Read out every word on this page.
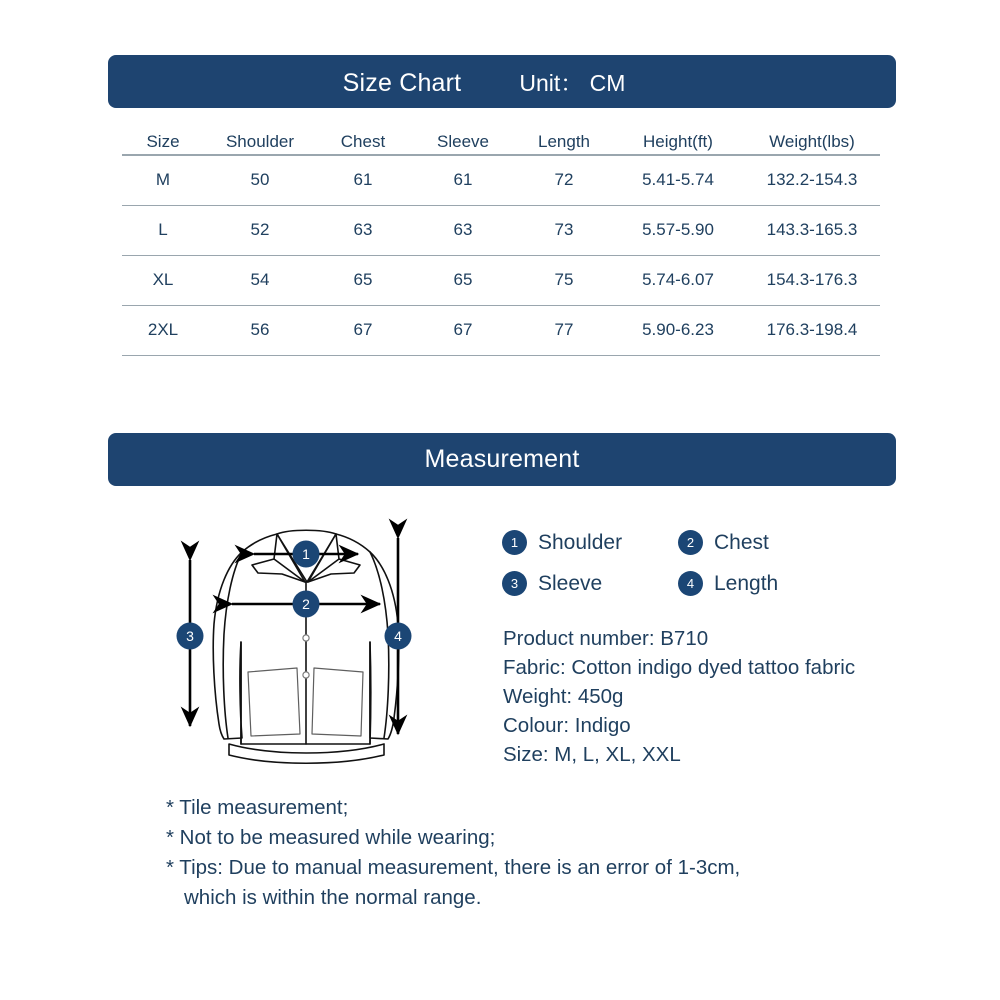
Size Chart	Unit： CM
Size	Shoulder	Chest	Sleeve	Length	Height(ft)	Weight(lbs)
M	50	61	61	72	5.41-5.74	132.2-154.3
L	52	63	63	73	5.57-5.90	143.3-165.3
XL	54	65	65	75	5.74-6.07	154.3-176.3
2XL	56	67	67	77	5.90-6.23	176.3-198.4
Measurement
1
2
3	4
1 Shoulder	2 Chest
3 Sleeve	4 Length
Product number: B710
Fabric: Cotton indigo dyed tattoo fabric
Weight: 450g
Colour: Indigo
Size: M, L, XL, XXL
* Tile measurement;
* Not to be measured while wearing;
* Tips: Due to manual measurement, there is an error of 1-3cm,
which is within the normal range.
